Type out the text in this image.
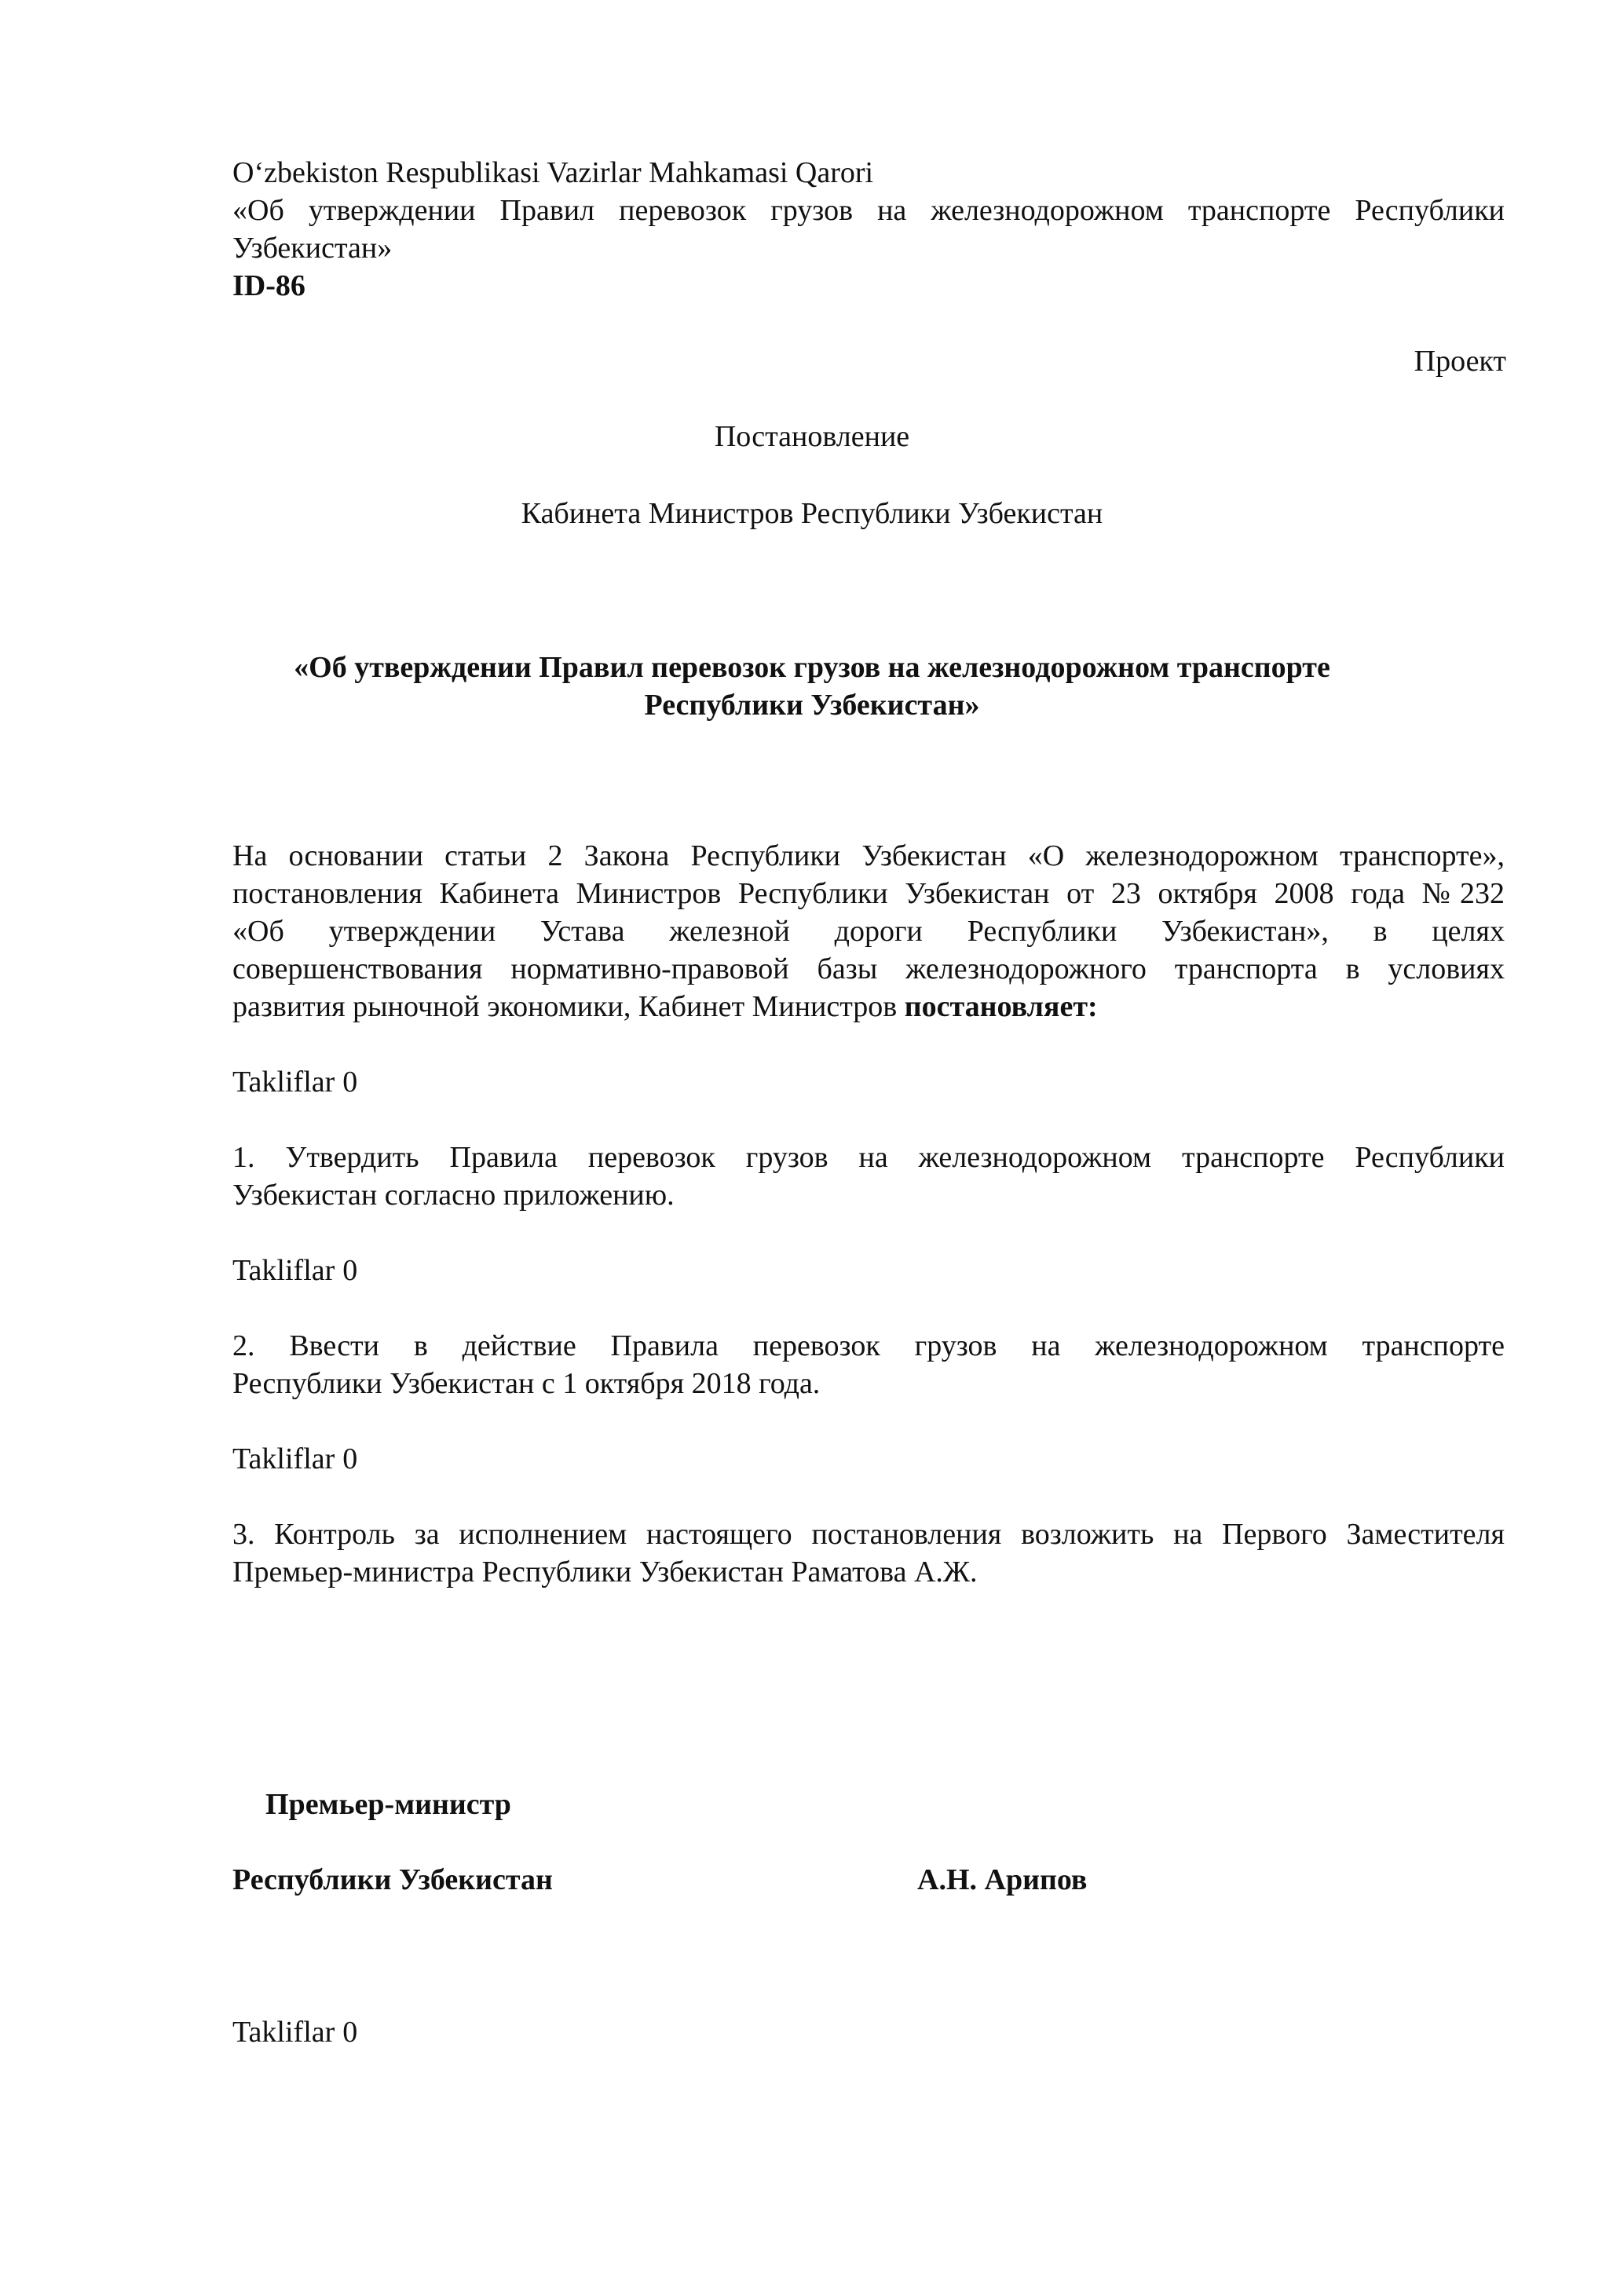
Oʻzbekiston Respublikasi Vazirlar Mahkamasi Qarori
«Об утверждении Правил перевозок грузов на железнодорожном транспорте Республики
Узбекистан»
ID-86
Проект
Постановление
Кабинета Министров Республики Узбекистан
«Об утверждении Правил перевозок грузов на железнодорожном транспорте
Республики Узбекистан»
На основании статьи 2 Закона Республики Узбекистан «О железнодорожном транспорте»,
постановления Кабинета Министров Республики Узбекистан от 23 октября 2008 года №232
«Об утверждении Устава железной дороги Республики Узбекистан», в целях
совершенствования нормативно-правовой базы железнодорожного транспорта в условиях
развития рыночной экономики, Кабинет Министров постановляет:
Takliflar 0
1. Утвердить Правила перевозок грузов на железнодорожном транспорте Республики
Узбекистан согласно приложению.
Takliflar 0
2. Ввести в действие Правила перевозок грузов на железнодорожном транспорте
Республики Узбекистан с 1 октября 2018 года.
Takliflar 0
3. Контроль за исполнением настоящего постановления возложить на Первого Заместителя
Премьер-министра Республики Узбекистан Раматова А.Ж.
Премьер-министр
Республики Узбекистан	А.Н. Арипов
Takliflar 0
